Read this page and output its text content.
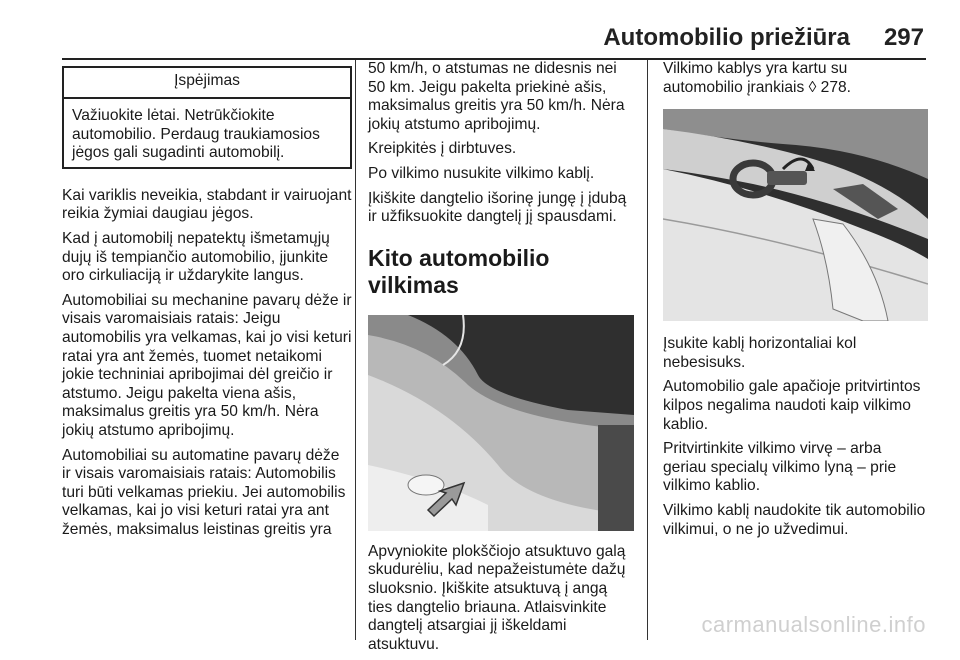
Automobilio priežiūra 297
Įspėjimas

Važiuokite lėtai. Netrūkčiokite automobilio. Perdaug traukiamosios jėgos gali sugadinti automobilį.

Kai variklis neveikia, stabdant ir vairuojant reikia žymiai daugiau jėgos.

Kad į automobilį nepatektų išmetamųjų dujų iš tempiančio automobilio, įjunkite oro cirkuliaciją ir uždarykite langus.

Automobiliai su mechanine pavarų dėže ir visais varomaisiais ratais: Jeigu automobilis yra velkamas, kai jo visi keturi ratai yra ant žemės, tuomet netaikomi jokie techniniai apribojimai dėl greičio ir atstumo. Jeigu pakelta viena ašis, maksimalus greitis yra 50 km/h. Nėra jokių atstumo apribojimų.

Automobiliai su automatine pavarų dėže ir visais varomaisiais ratais: Automobilis turi būti velkamas priekiu. Jei automobilis velkamas, kai jo visi keturi ratai yra ant žemės, maksimalus leistinas greitis yra

50 km/h, o atstumas ne didesnis nei 50 km. Jeigu pakelta priekinė ašis, maksimalus greitis yra 50 km/h. Nėra jokių atstumo apribojimų.

Kreipkitės į dirbtuves.

Po vilkimo nusukite vilkimo kablį.

Įkiškite dangtelio išorinę jungę į įdubą ir užfiksuokite dangtelį jį spausdami.

Kito automobilio vilkimas

Apvyniokite plokščiojo atsuktuvo galą skudurėliu, kad nepažeistumėte dažų sluoksnio. Įkiškite atsuktuvą į angą ties dangtelio briauna. Atlaisvinkite dangtelį atsargiai jį iškeldami atsuktuvu.

Vilkimo kablys yra kartu su automobilio įrankiais ◊ 278.

Įsukite kablį horizontaliai kol nebesisuks.

Automobilio gale apačioje pritvirtintos kilpos negalima naudoti kaip vilkimo kablio.

Pritvirtinkite vilkimo virvę – arba geriau specialų vilkimo lyną – prie vilkimo kablio.

Vilkimo kablį naudokite tik automobilio vilkimui, o ne jo užvedimui.

carmanualsonline.info
